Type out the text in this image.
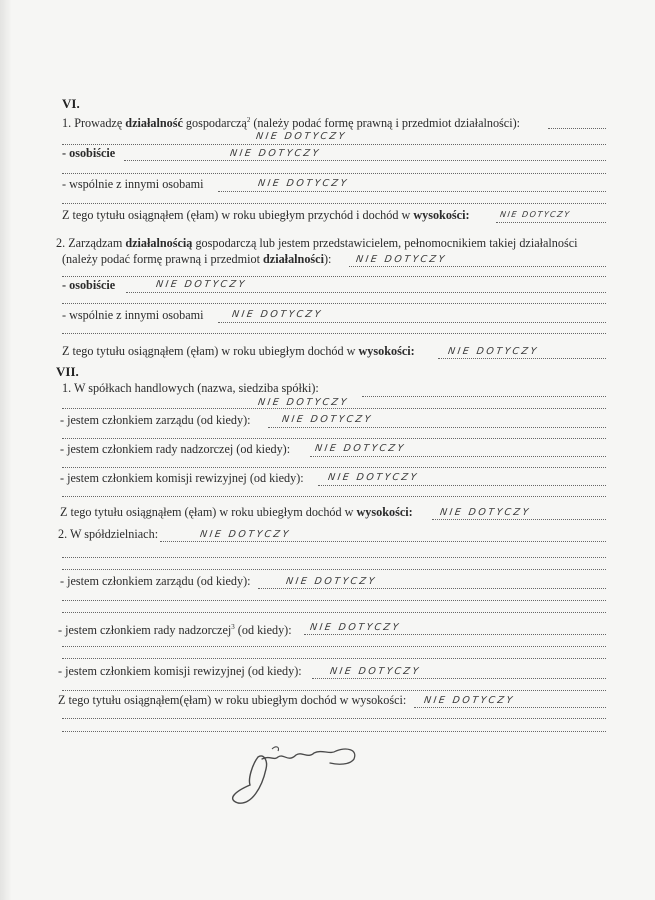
VI.
1. Prowadzę działalność gospodarczą$^2$ (należy podać formę prawną i przedmiot działalności):
NIE DOTYCZY
- osobiście	NIE DOTYCZY
- wspólnie z innymi osobami	NIE DOTYCZY
Z tego tytułu osiągnąłem (ęłam) w roku ubiegłym przychód i dochód w wysokości:	NIE DOTYCZY
2. Zarządzam działalnością gospodarczą lub jestem przedstawicielem, pełnomocnikiem takiej działalności
(należy podać formę prawną i przedmiot działalności):	NIE DOTYCZY
- osobiście	NIE DOTYCZY
- wspólnie z innymi osobami	NIE DOTYCZY
Z tego tytułu osiągnąłem (ęłam) w roku ubiegłym dochód w wysokości:	NIE DOTYCZY
VII.
1. W spółkach handlowych (nazwa, siedziba spółki):
NIE DOTYCZY
- jestem członkiem zarządu (od kiedy):	NIE DOTYCZY
- jestem członkiem rady nadzorczej (od kiedy):	NIE DOTYCZY
- jestem członkiem komisji rewizyjnej (od kiedy): NIE DOTYCZY
Z tego tytułu osiągnąłem (ęłam) w roku ubiegłym dochód w wysokości:	NIE DOTYCZY
2. W spółdzielniach:	NIE DOTYCZY
- jestem członkiem zarządu (od kiedy):	NIE DOTYCZY
- jestem członkiem rady nadzorczej$^3$ (od kiedy): NIE DOTYCZY
- jestem członkiem komisji rewizyjnej (od kiedy):	NIE DOTYCZY
Z tego tytułu osiągnąłem(ęłam) w roku ubiegłym dochód w wysokości: NIE DOTYCZY
